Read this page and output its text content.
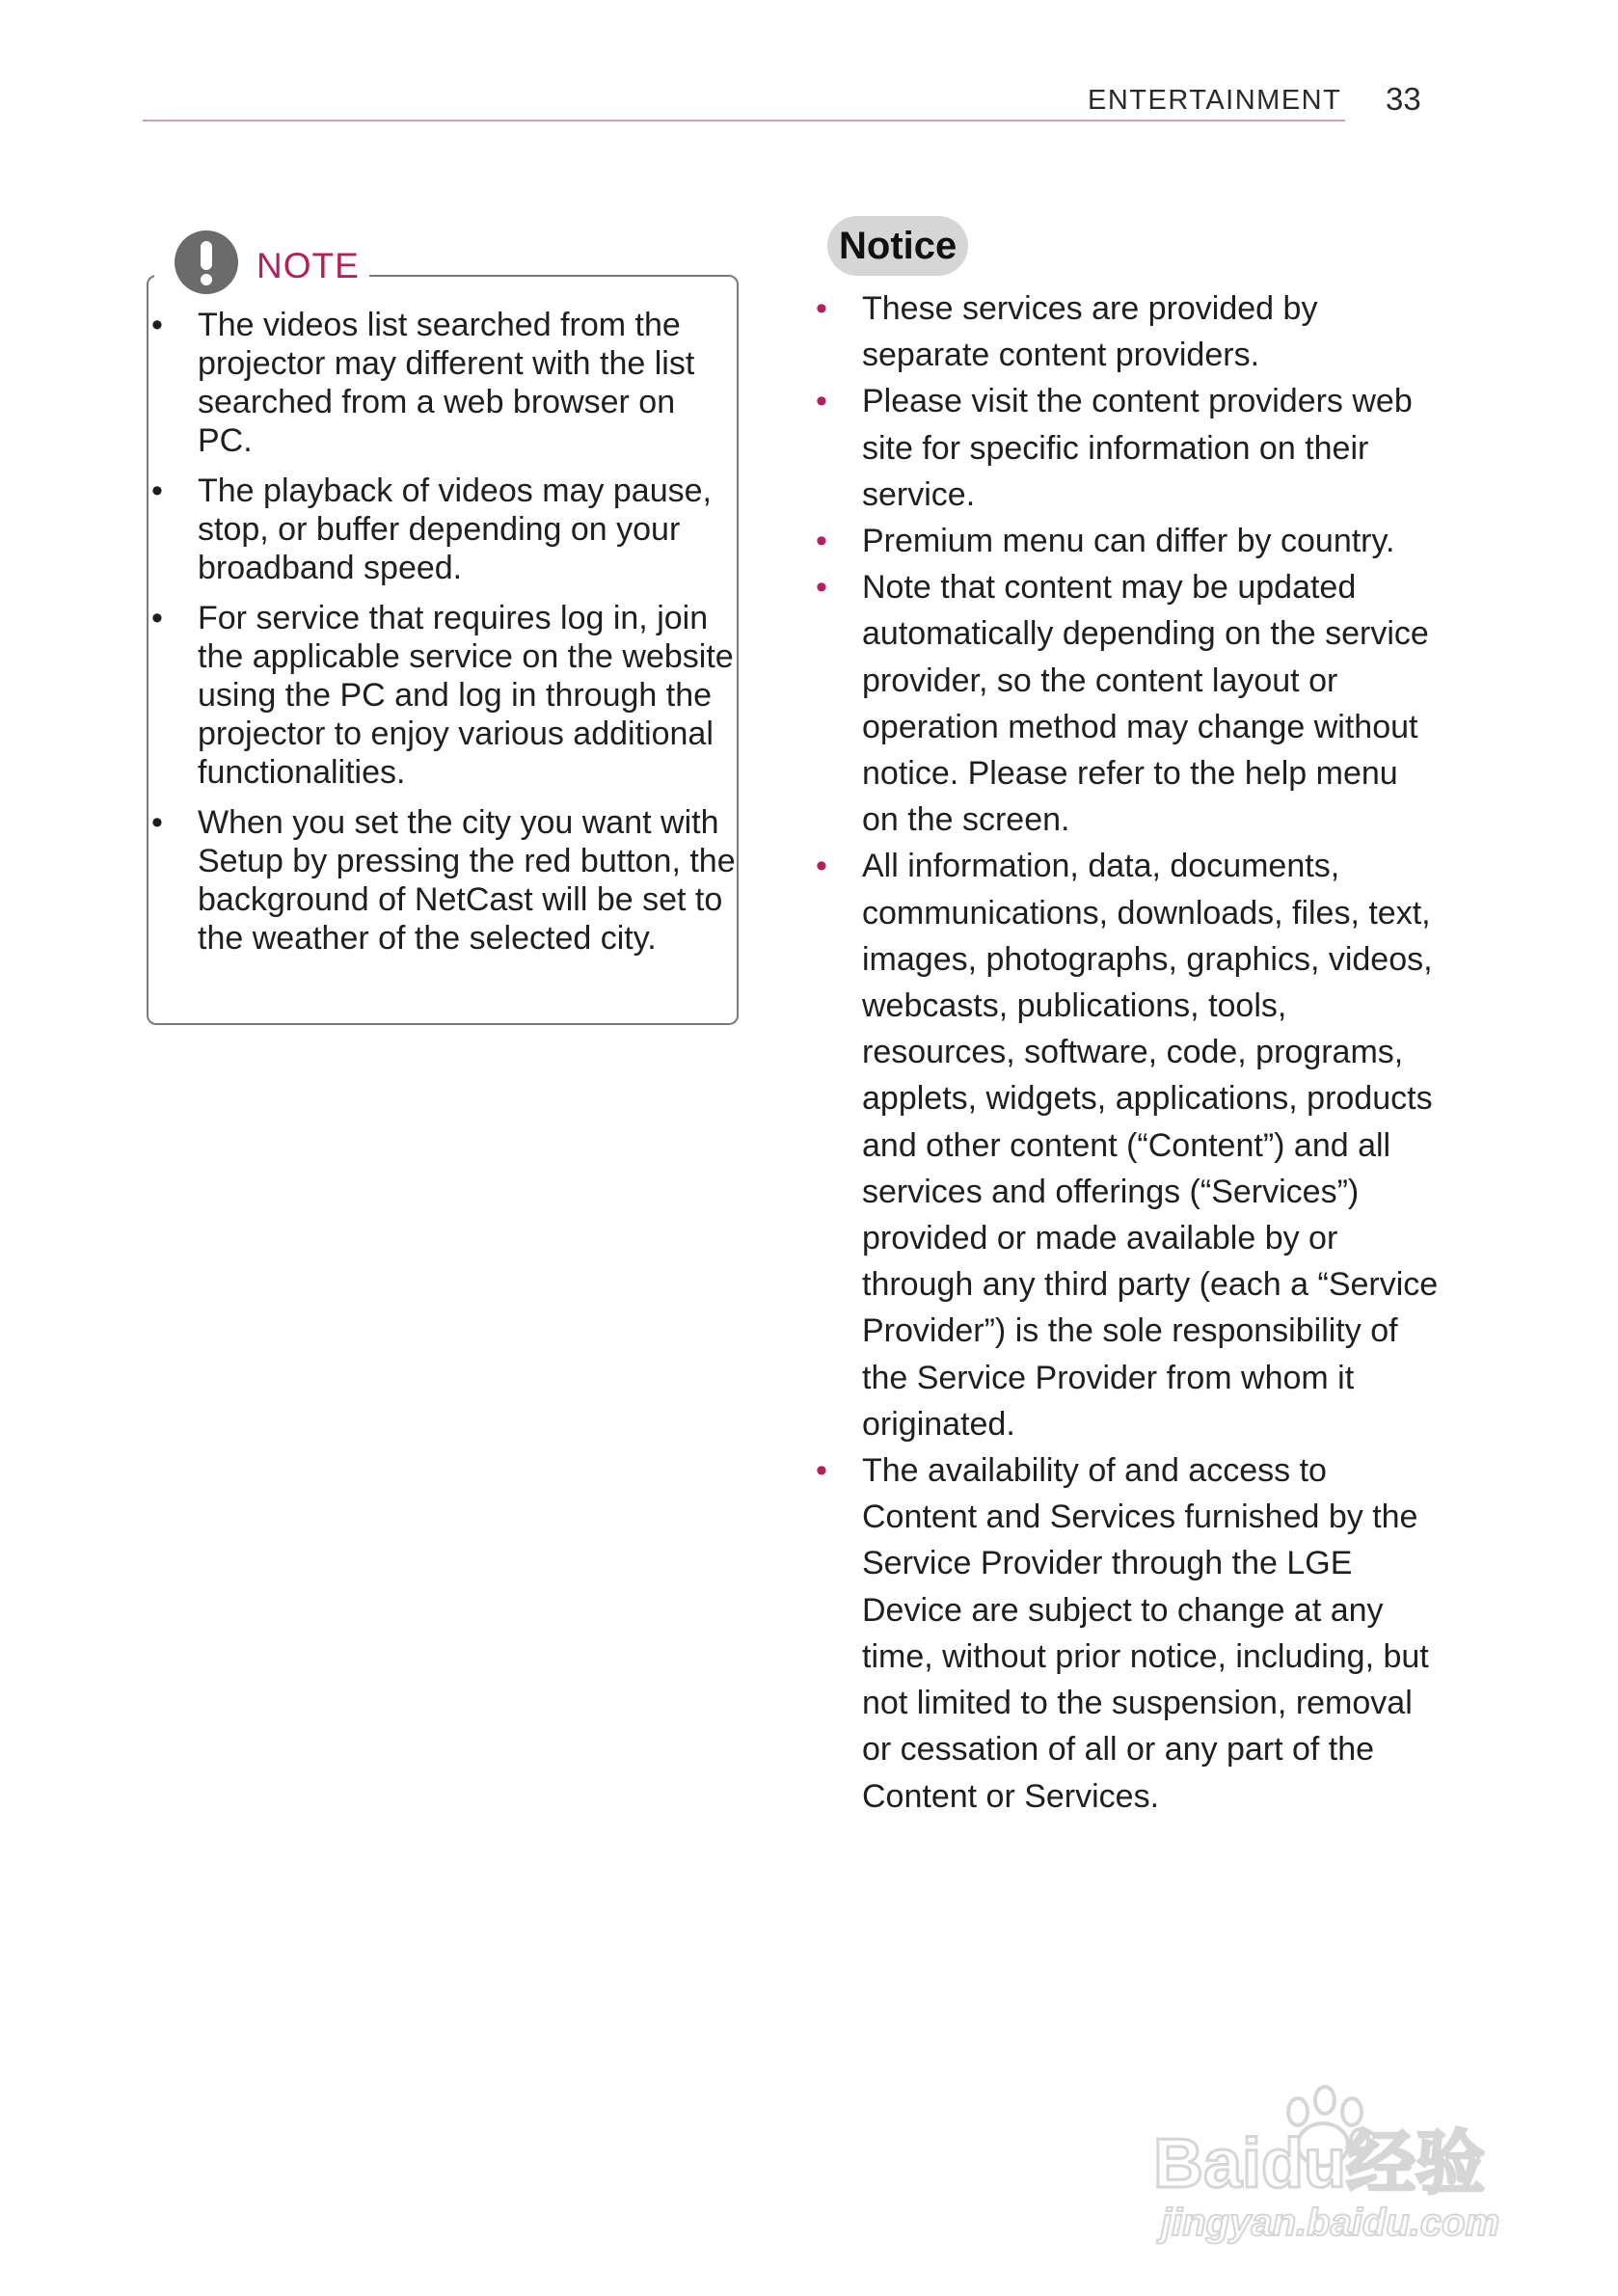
ENTERTAINMENT 33
NOTE
• The videos list searched from the projector may different with the list searched from a web browser on PC.
• The playback of videos may pause, stop, or buffer depending on your broadband speed.
• For service that requires log in, join the applicable service on the website using the PC and log in through the projector to enjoy various additional functionalities.
• When you set the city you want with Setup by pressing the red button, the background of NetCast will be set to the weather of the selected city.
Notice
• These services are provided by separate content providers.
• Please visit the content providers web site for specific information on their service.
• Premium menu can differ by country.
• Note that content may be updated automatically depending on the service provider, so the content layout or operation method may change without notice. Please refer to the help menu on the screen.
• All information, data, documents, communications, downloads, files, text, images, photographs, graphics, videos, webcasts, publications, tools, resources, software, code, programs, applets, widgets, applications, products and other content (“Content”) and all services and offerings (“Services”) provided or made available by or through any third party (each a “Service Provider”) is the sole responsibility of the Service Provider from whom it originated.
• The availability of and access to Content and Services furnished by the Service Provider through the LGE Device are subject to change at any time, without prior notice, including, but not limited to the suspension, removal or cessation of all or any part of the Content or Services.
Baidu经验
jingyan.baidu.com
